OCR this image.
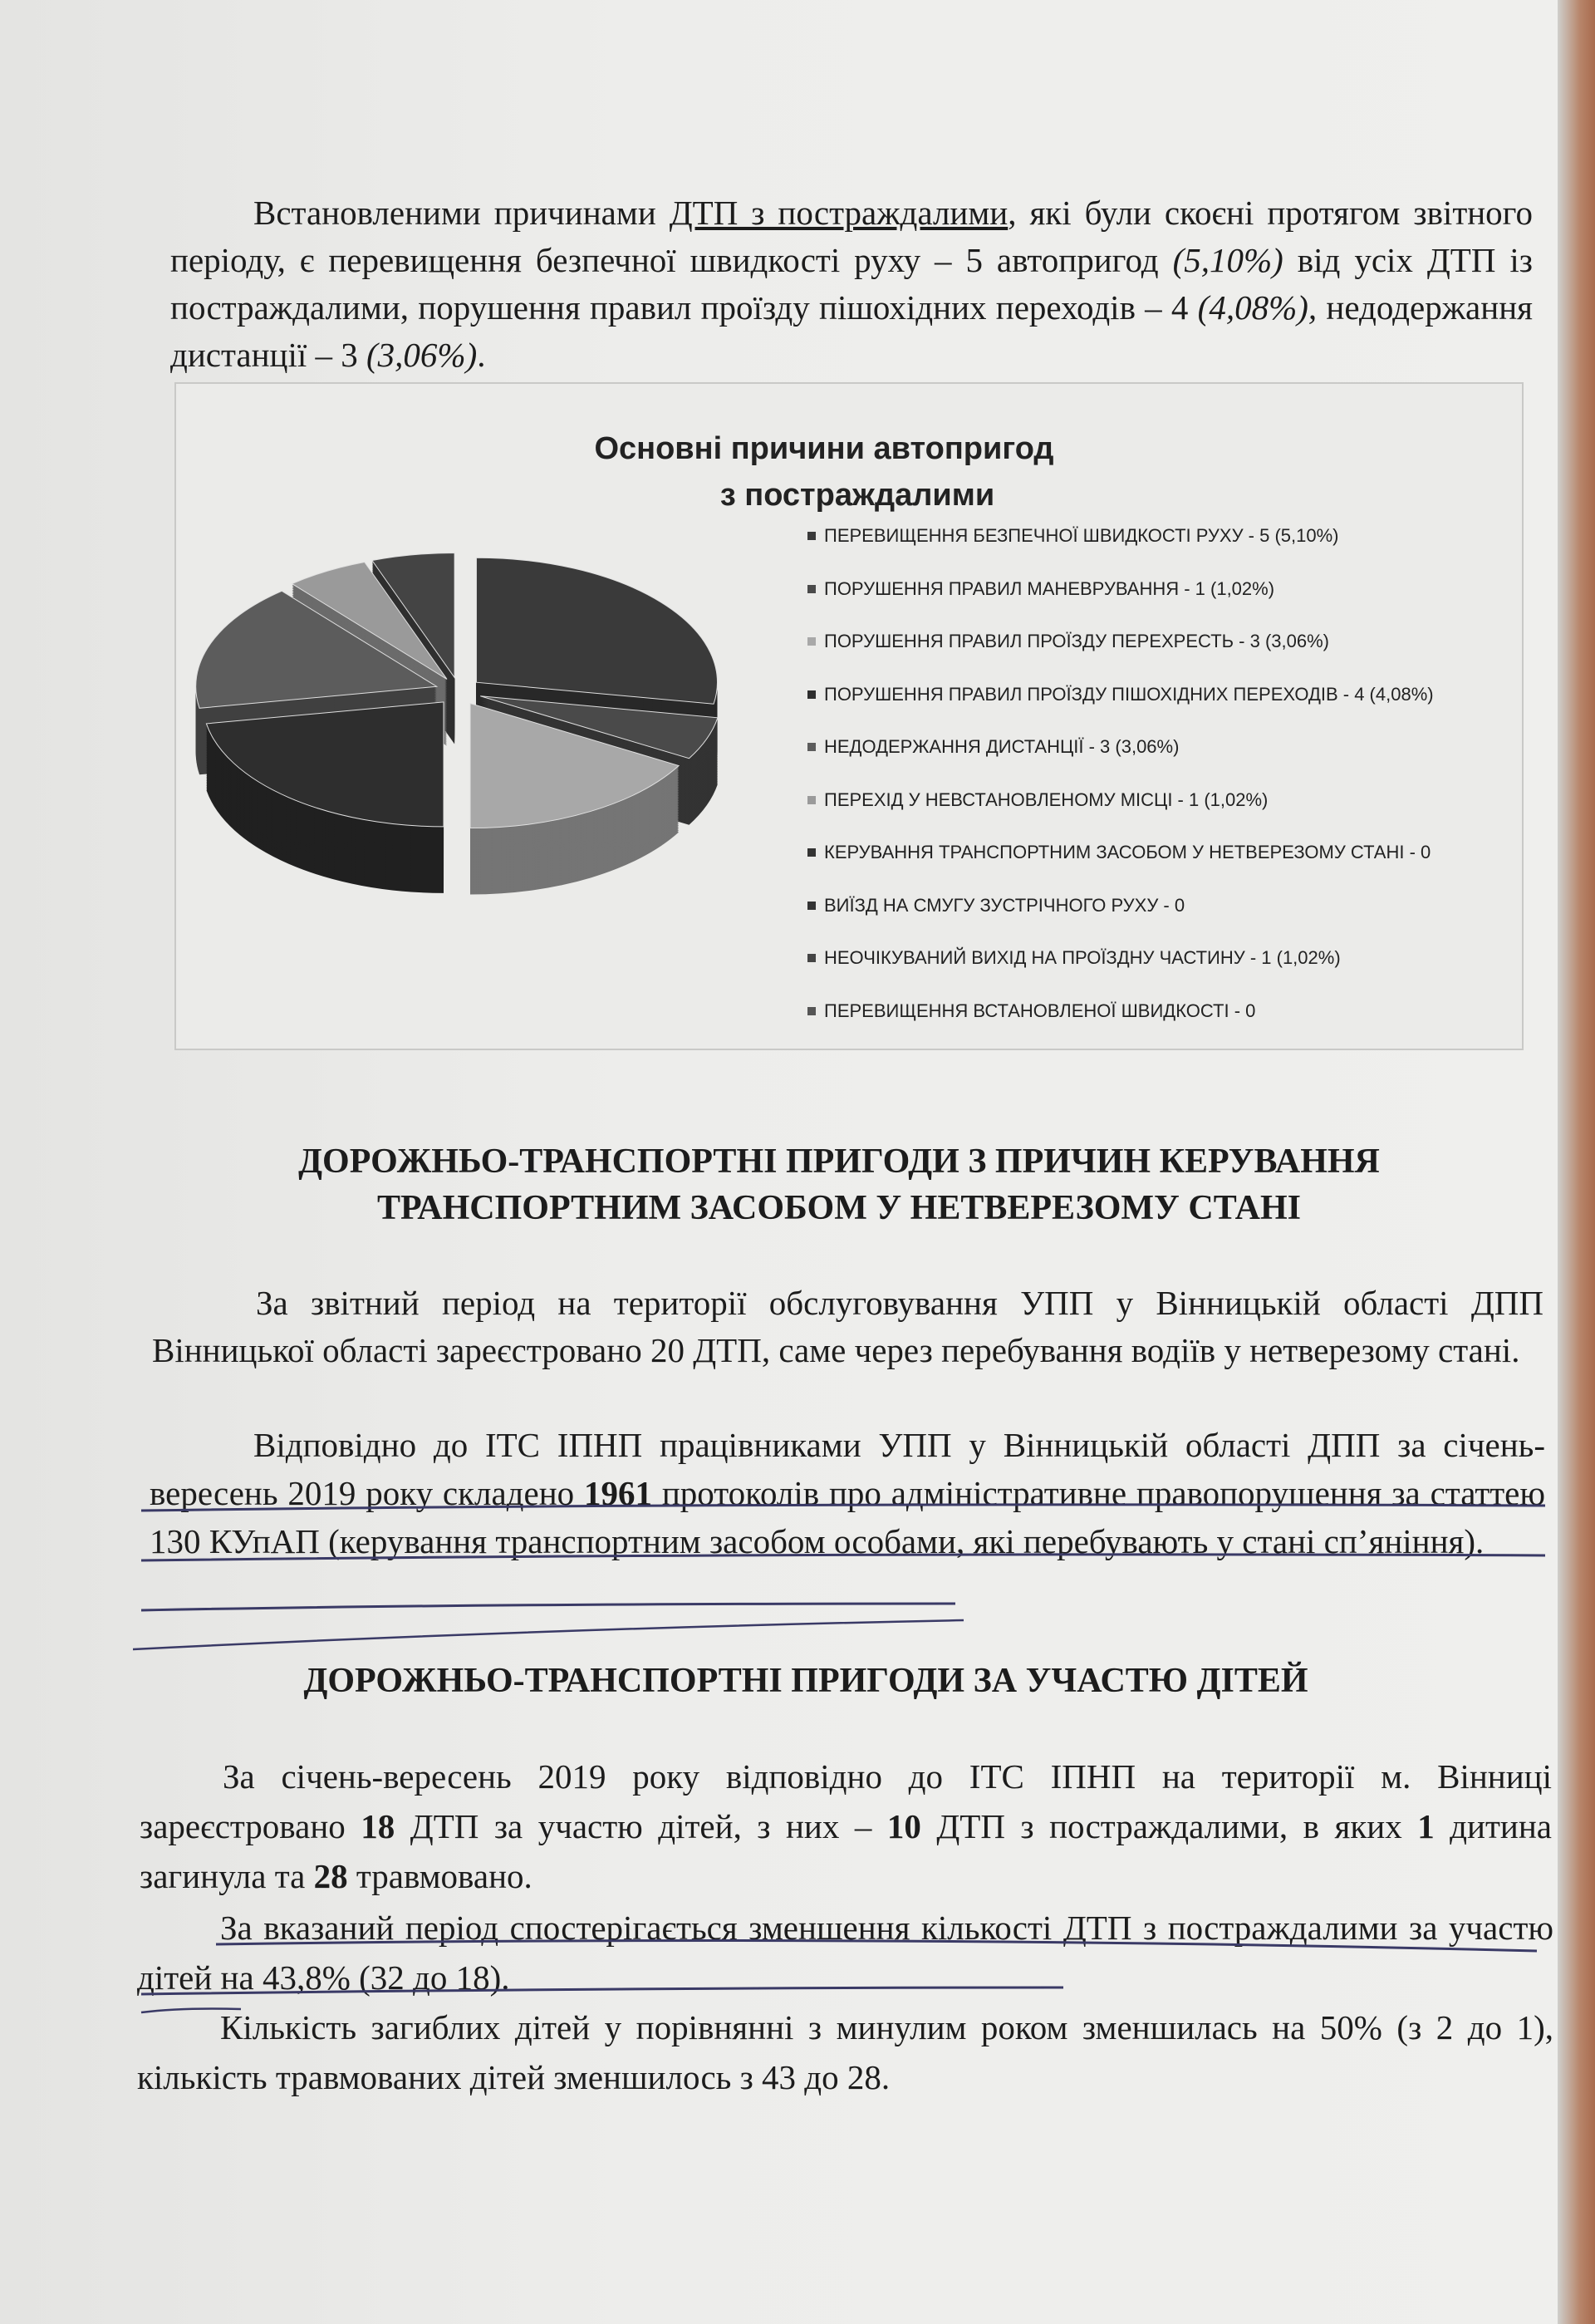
Встановленими причинами ДТП з постраждалими, які були скоєні протягом звітного періоду, є перевищення безпечної швидкості руху – 5 автопригод (5,10%) від усіх ДТП із постраждалими, порушення правил проїзду пішохідних переходів – 4 (4,08%), недодержання дистанції – 3 (3,06%).
Основні причини автопригод
з постраждалими
ПЕРЕВИЩЕННЯ БЕЗПЕЧНОЇ ШВИДКОСТІ РУХУ - 5 (5,10%)
ПОРУШЕННЯ ПРАВИЛ МАНЕВРУВАННЯ - 1 (1,02%)
ПОРУШЕННЯ ПРАВИЛ ПРОЇЗДУ ПЕРЕХРЕСТЬ - 3 (3,06%)
ПОРУШЕННЯ ПРАВИЛ ПРОЇЗДУ ПІШОХІДНИХ ПЕРЕХОДІВ - 4 (4,08%)
НЕДОДЕРЖАННЯ ДИСТАНЦІЇ - 3 (3,06%)
ПЕРЕХІД У НЕВСТАНОВЛЕНОМУ МІСЦІ - 1 (1,02%)
КЕРУВАННЯ ТРАНСПОРТНИМ ЗАСОБОМ У НЕТВЕРЕЗОМУ СТАНІ - 0
ВИЇЗД НА СМУГУ ЗУСТРІЧНОГО РУХУ - 0
НЕОЧІКУВАНИЙ ВИХІД НА ПРОЇЗДНУ ЧАСТИНУ - 1 (1,02%)
ПЕРЕВИЩЕННЯ ВСТАНОВЛЕНОЇ ШВИДКОСТІ - 0
ДОРОЖНЬО-ТРАНСПОРТНІ ПРИГОДИ З ПРИЧИН КЕРУВАННЯ ТРАНСПОРТНИМ ЗАСОБОМ У НЕТВЕРЕЗОМУ СТАНІ
За звітний період на території обслуговування УПП у Вінницькій області ДПП Вінницької області зареєстровано 20 ДТП, саме через перебування водіїв у нетверезому стані.
Відповідно до ІТС ІПНП працівниками УПП у Вінницькій області ДПП за січень-вересень 2019 року складено 1961 протоколів про адміністративне правопорушення за статтею 130 КУпАП (керування транспортним засобом особами, які перебувають у стані сп’яніння).
ДОРОЖНЬО-ТРАНСПОРТНІ ПРИГОДИ ЗА УЧАСТЮ ДІТЕЙ
За січень-вересень 2019 року відповідно до ІТС ІПНП на території м. Вінниці зареєстровано 18 ДТП за участю дітей, з них – 10 ДТП з постраждалими, в яких 1 дитина загинула та 28 травмовано.
За вказаний період спостерігається зменшення кількості ДТП з постраждалими за участю дітей на 43,8% (32 до 18).
Кількість загиблих дітей у порівнянні з минулим роком зменшилась на 50% (з 2 до 1), кількість травмованих дітей зменшилось з 43 до 28.
